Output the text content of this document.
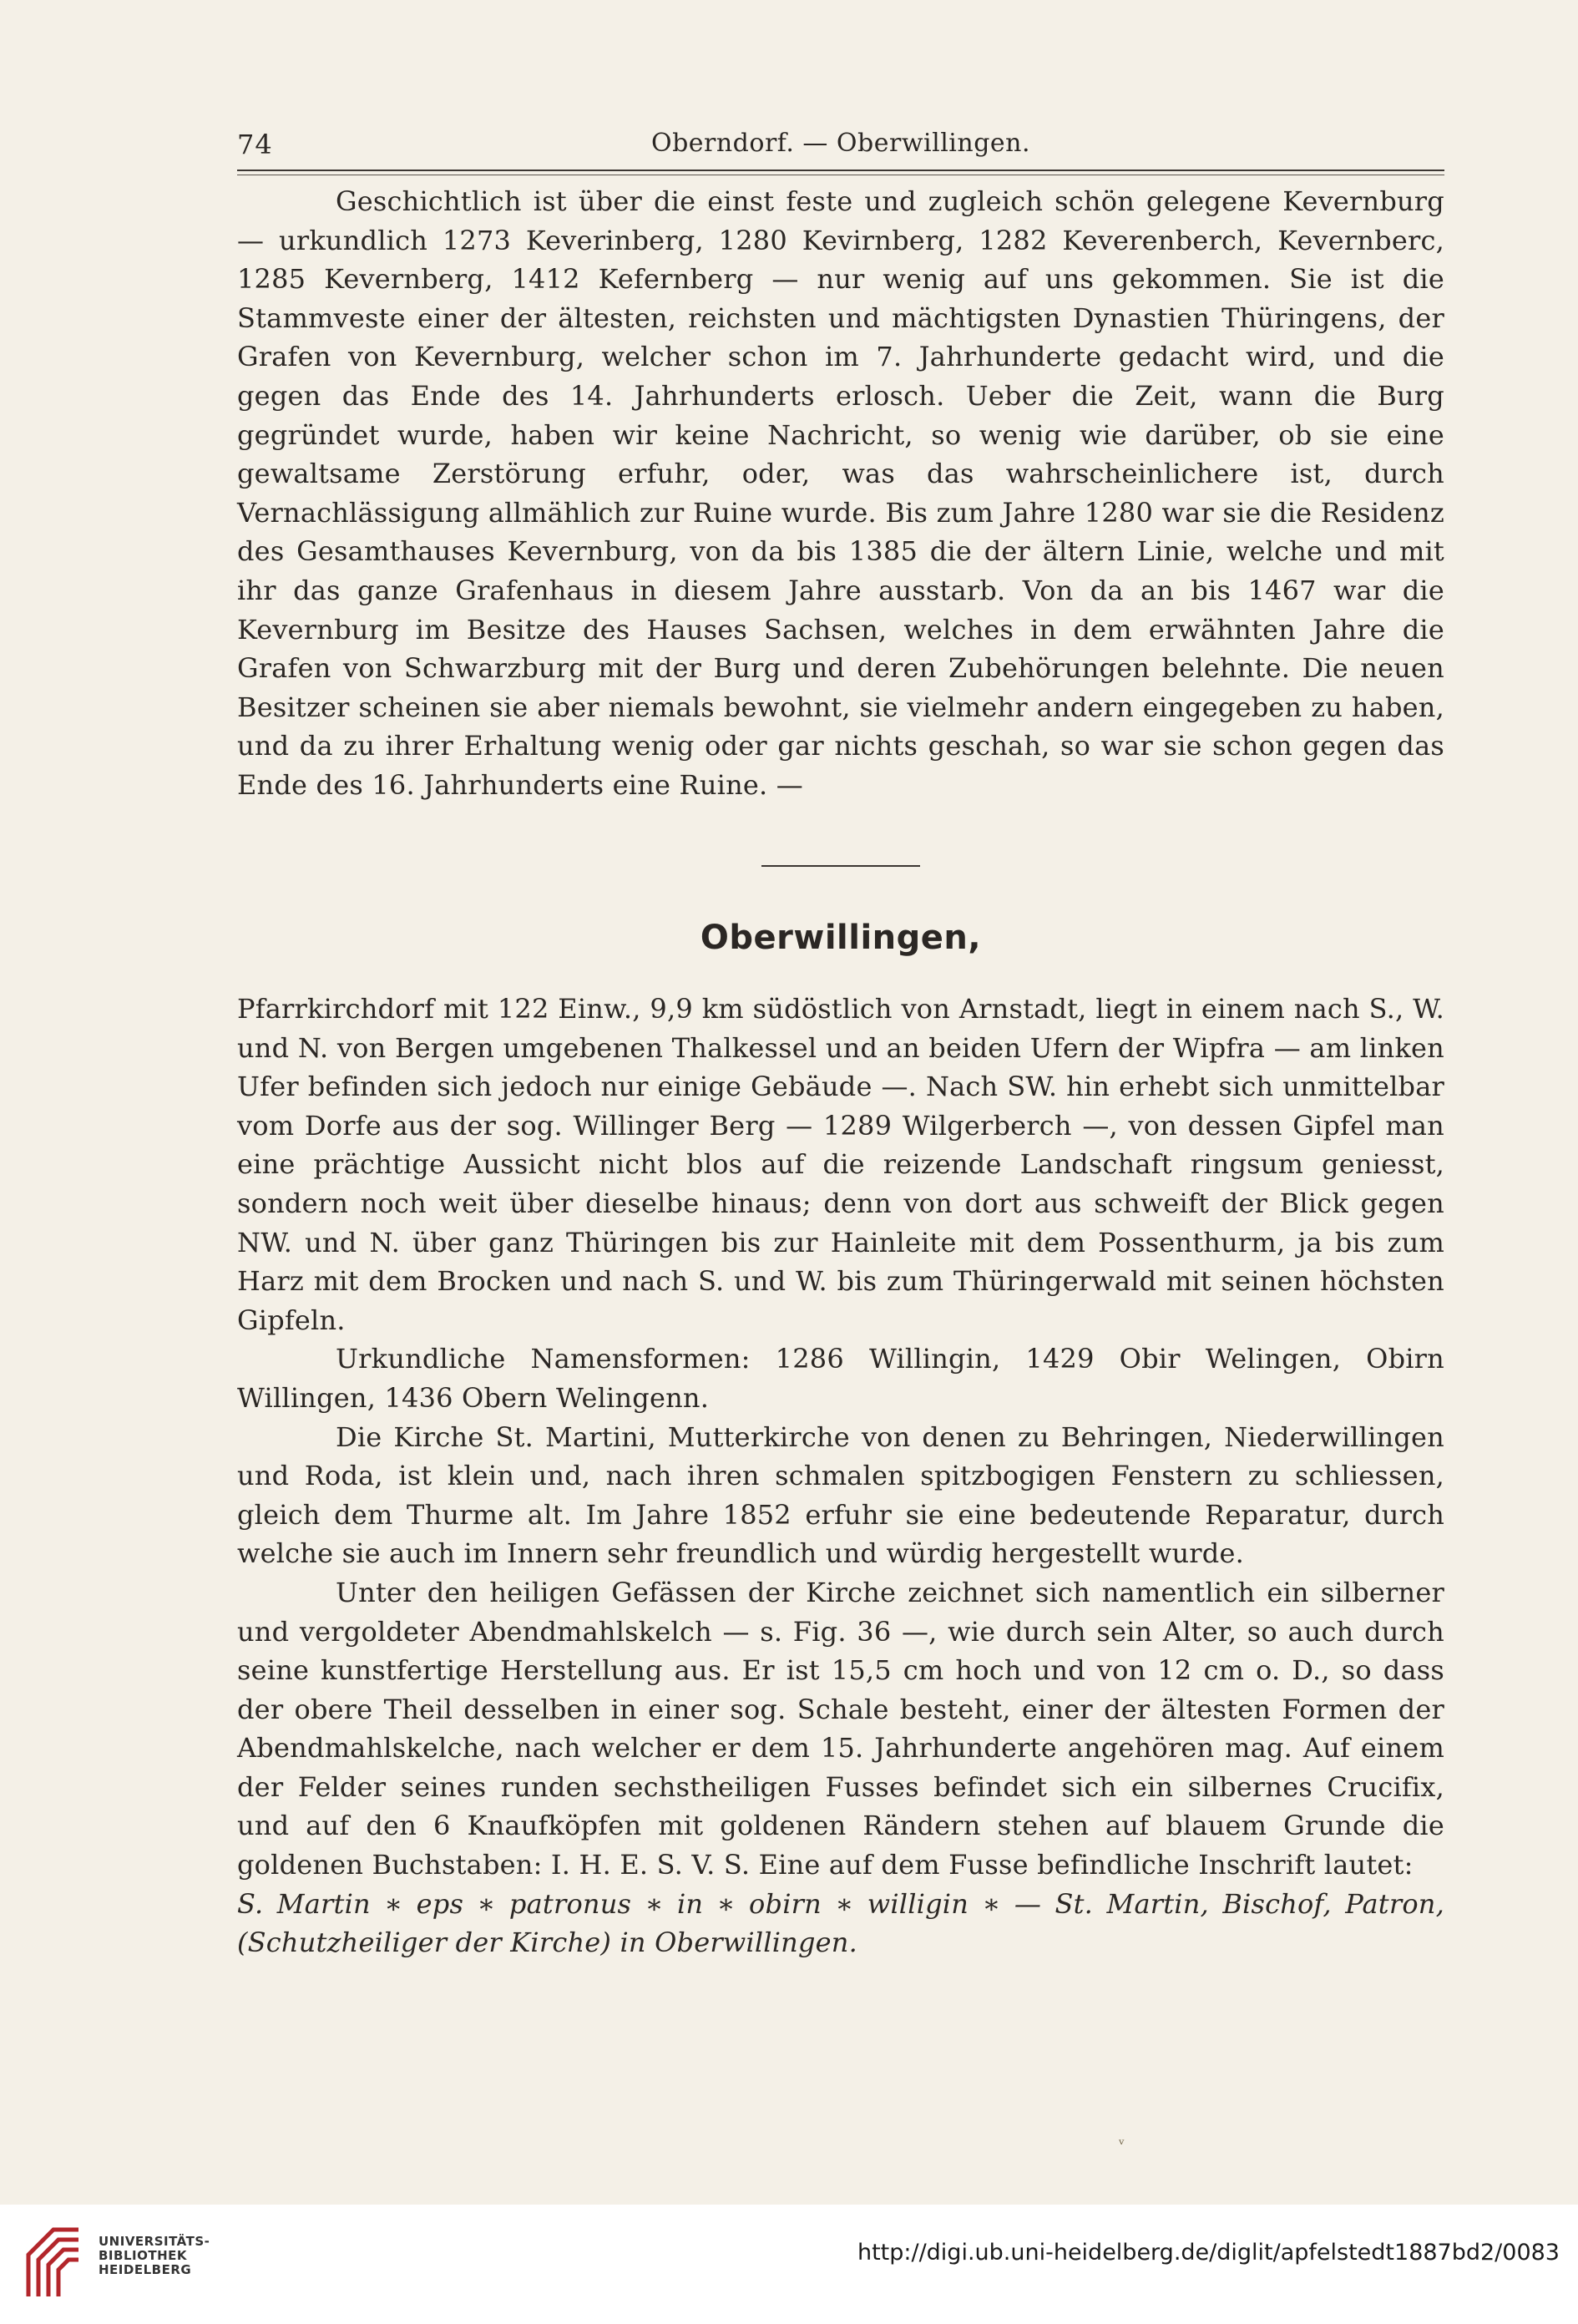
74	Oberndorf. — Oberwillingen.

Geschichtlich ist über die einst feste und zugleich schön gelegene Kevernburg — urkundlich 1273 Keverinberg, 1280 Kevirnberg, 1282 Keverenberch, Kevernberc, 1285 Kevernberg, 1412 Kefernberg — nur wenig auf uns gekommen. Sie ist die Stammveste einer der ältesten, reichsten und mächtigsten Dynastien Thüringens, der Grafen von Kevernburg, welcher schon im 7. Jahrhunderte gedacht wird, und die gegen das Ende des 14. Jahrhunderts erlosch. Ueber die Zeit, wann die Burg gegründet wurde, haben wir keine Nachricht, so wenig wie darüber, ob sie eine gewaltsame Zerstörung erfuhr, oder, was das wahrscheinlichere ist, durch Vernachlässigung allmählich zur Ruine wurde. Bis zum Jahre 1280 war sie die Residenz des Gesamthauses Kevernburg, von da bis 1385 die der ältern Linie, welche und mit ihr das ganze Grafenhaus in diesem Jahre ausstarb. Von da an bis 1467 war die Kevernburg im Besitze des Hauses Sachsen, welches in dem erwähnten Jahre die Grafen von Schwarzburg mit der Burg und deren Zubehörungen belehnte. Die neuen Besitzer scheinen sie aber niemals bewohnt, sie vielmehr andern eingegeben zu haben, und da zu ihrer Erhaltung wenig oder gar nichts geschah, so war sie schon gegen das Ende des 16. Jahrhunderts eine Ruine. —

Oberwillingen,

Pfarrkirchdorf mit 122 Einw., 9,9 km südöstlich von Arnstadt, liegt in einem nach S., W. und N. von Bergen umgebenen Thalkessel und an beiden Ufern der Wipfra — am linken Ufer befinden sich jedoch nur einige Gebäude —. Nach SW. hin erhebt sich unmittelbar vom Dorfe aus der sog. Willinger Berg — 1289 Wilgerberch —, von dessen Gipfel man eine prächtige Aussicht nicht blos auf die reizende Landschaft ringsum geniesst, sondern noch weit über dieselbe hinaus; denn von dort aus schweift der Blick gegen NW. und N. über ganz Thüringen bis zur Hainleite mit dem Possenthurm, ja bis zum Harz mit dem Brocken und nach S. und W. bis zum Thüringerwald mit seinen höchsten Gipfeln.

Urkundliche Namensformen: 1286 Willingin, 1429 Obir Welingen, Obirn Willingen, 1436 Obern Welingenn.

Die Kirche St. Martini, Mutterkirche von denen zu Behringen, Niederwillingen und Roda, ist klein und, nach ihren schmalen spitzbogigen Fenstern zu schliessen, gleich dem Thurme alt. Im Jahre 1852 erfuhr sie eine bedeutende Reparatur, durch welche sie auch im Innern sehr freundlich und würdig hergestellt wurde.

Unter den heiligen Gefässen der Kirche zeichnet sich namentlich ein silberner und vergoldeter Abendmahlskelch — s. Fig. 36 —, wie durch sein Alter, so auch durch seine kunstfertige Herstellung aus. Er ist 15,5 cm hoch und von 12 cm o. D., so dass der obere Theil desselben in einer sog. Schale besteht, einer der ältesten Formen der Abendmahlskelche, nach welcher er dem 15. Jahrhunderte angehören mag. Auf einem der Felder seines runden sechstheiligen Fusses befindet sich ein silbernes Crucifix, und auf den 6 Knaufköpfen mit goldenen Rändern stehen auf blauem Grunde die goldenen Buchstaben: I. H. E. S. V. S. Eine auf dem Fusse befindliche Inschrift lautet:

S. Martin ∗ eps ∗ patronus ∗ in ∗ obirn ∗ willigin ∗ — St. Martin, Bischof, Patron, (Schutzheiliger der Kirche) in Oberwillingen.

ᵛ
UNIVERSITÄTS-
BIBLIOTHEK
HEIDELBERG
http://digi.ub.uni-heidelberg.de/diglit/apfelstedt1887bd2/0083
